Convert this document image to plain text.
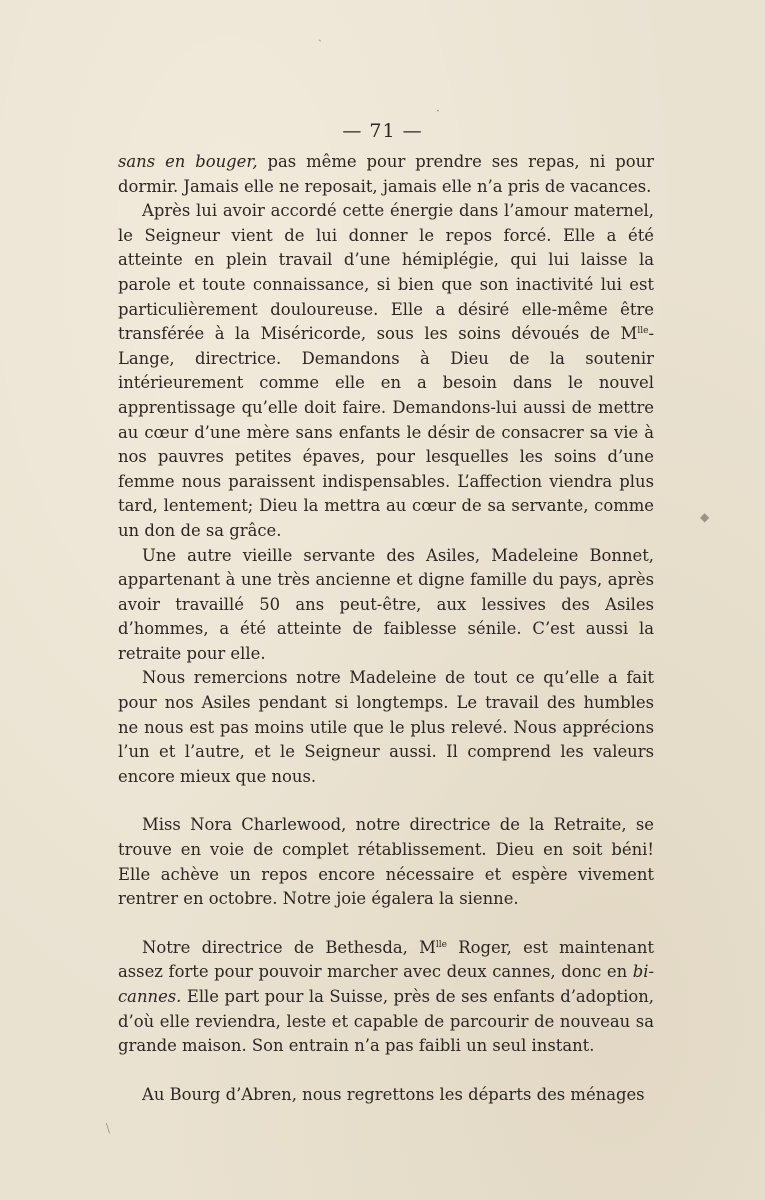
ˏ
·
◆
﹨
— 71 —

sans en bouger, pas même pour prendre ses repas, ni pour dormir. Jamais elle ne reposait, jamais elle n’a pris de vacances.

Après lui avoir accordé cette énergie dans l’amour maternel, le Seigneur vient de lui donner le repos forcé. Elle a été atteinte en plein travail d’une hémiplégie, qui lui laisse la parole et toute connaissance, si bien que son inactivité lui est particulièrement douloureuse. Elle a désiré elle-même être transférée à la Miséricorde, sous les soins dévoués de $M^{lle}$-Lange, directrice. Demandons à Dieu de la soutenir intérieurement comme elle en a besoin dans le nouvel apprentissage qu’elle doit faire. Demandons-lui aussi de mettre au cœur d’une mère sans enfants le désir de consacrer sa vie à nos pauvres petites épaves, pour lesquelles les soins d’une femme nous paraissent indispensables. L’affection viendra plus tard, lentement; Dieu la mettra au cœur de sa servante, comme un don de sa grâce.

Une autre vieille servante des Asiles, Madeleine Bonnet, appartenant à une très ancienne et digne famille du pays, après avoir travaillé 50 ans peut-être, aux lessives des Asiles d’hommes, a été atteinte de faiblesse sénile. C’est aussi la retraite pour elle.

Nous remercions notre Madeleine de tout ce qu’elle a fait pour nos Asiles pendant si longtemps. Le travail des humbles ne nous est pas moins utile que le plus relevé. Nous apprécions l’un et l’autre, et le Seigneur aussi. Il comprend les valeurs encore mieux que nous.

Miss Nora Charlewood, notre directrice de la Retraite, se trouve en voie de complet rétablissement. Dieu en soit béni! Elle achève un repos encore nécessaire et espère vivement rentrer en octobre. Notre joie égalera la sienne.

Notre directrice de Bethesda, $M^{lle}$ Roger, est maintenant assez forte pour pouvoir marcher avec deux cannes, donc en bi-cannes. Elle part pour la Suisse, près de ses enfants d’adoption, d’où elle reviendra, leste et capable de parcourir de nouveau sa grande maison. Son entrain n’a pas faibli un seul instant.

Au Bourg d’Abren, nous regrettons les départs des ménages
